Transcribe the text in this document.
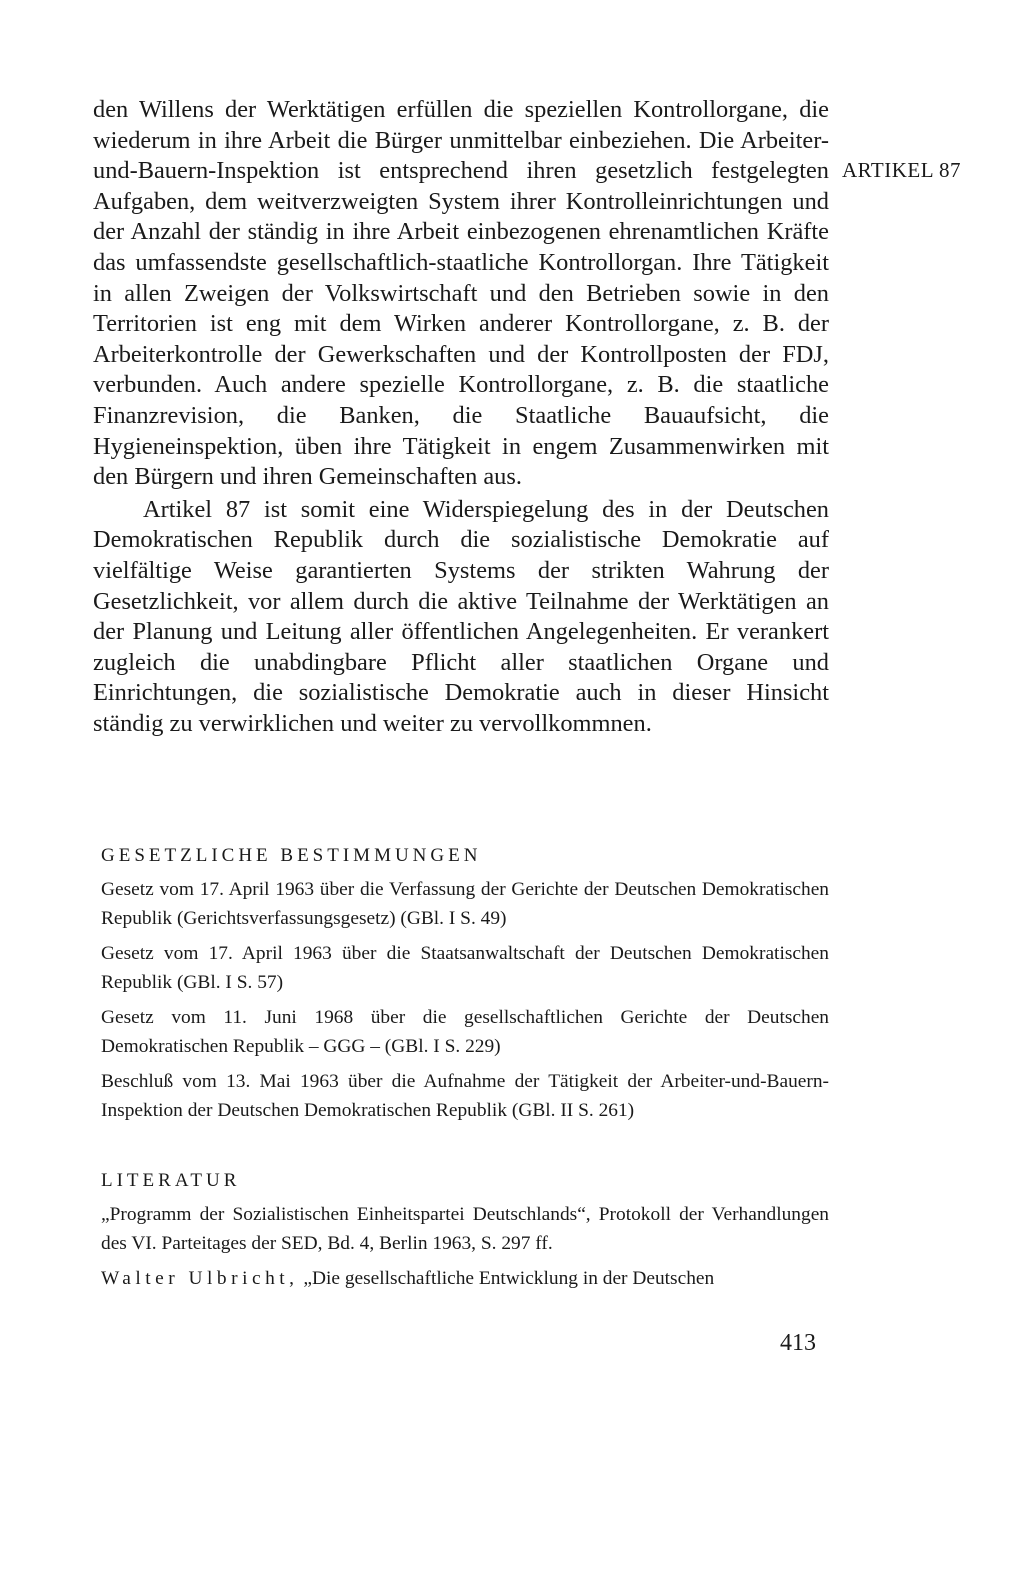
ARTIKEL 87

den Willens der Werktätigen erfüllen die speziellen Kontrollorgane, die wiederum in ihre Arbeit die Bürger unmittelbar einbeziehen. Die Arbeiter-und-Bauern-Inspektion ist entsprechend ihren gesetzlich festgelegten Aufgaben, dem weitverzweigten System ihrer Kontrolleinrichtungen und der Anzahl der ständig in ihre Arbeit einbezogenen ehrenamtlichen Kräfte das umfassendste gesellschaftlich-staatliche Kontrollorgan. Ihre Tätigkeit in allen Zweigen der Volkswirtschaft und den Betrieben sowie in den Territorien ist eng mit dem Wirken anderer Kontrollorgane, z. B. der Arbeiterkontrolle der Gewerkschaften und der Kontrollposten der FDJ, verbunden. Auch andere spezielle Kontrollorgane, z. B. die staatliche Finanzrevision, die Banken, die Staatliche Bauaufsicht, die Hygieneinspektion, üben ihre Tätigkeit in engem Zusammenwirken mit den Bürgern und ihren Gemeinschaften aus.

Artikel 87 ist somit eine Widerspiegelung des in der Deutschen Demokratischen Republik durch die sozialistische Demokratie auf vielfältige Weise garantierten Systems der strikten Wahrung der Gesetzlichkeit, vor allem durch die aktive Teilnahme der Werktätigen an der Planung und Leitung aller öffentlichen Angelegenheiten. Er verankert zugleich die unabdingbare Pflicht aller staatlichen Organe und Einrichtungen, die sozialistische Demokratie auch in dieser Hinsicht ständig zu verwirklichen und weiter zu vervollkommnen.

GESETZLICHE BESTIMMUNGEN

Gesetz vom 17. April 1963 über die Verfassung der Gerichte der Deutschen Demokratischen Republik (Gerichtsverfassungsgesetz) (GBl. I S. 49)

Gesetz vom 17. April 1963 über die Staatsanwaltschaft der Deutschen Demokratischen Republik (GBl. I S. 57)

Gesetz vom 11. Juni 1968 über die gesellschaftlichen Gerichte der Deutschen Demokratischen Republik – GGG – (GBl. I S. 229)

Beschluß vom 13. Mai 1963 über die Aufnahme der Tätigkeit der Arbeiter-und-Bauern-Inspektion der Deutschen Demokratischen Republik (GBl. II S. 261)

LITERATUR

„Programm der Sozialistischen Einheitspartei Deutschlands“, Protokoll der Verhandlungen des VI. Parteitages der SED, Bd. 4, Berlin 1963, S. 297 ff.

Walter Ulbricht, „Die gesellschaftliche Entwicklung in der Deutschen

413
